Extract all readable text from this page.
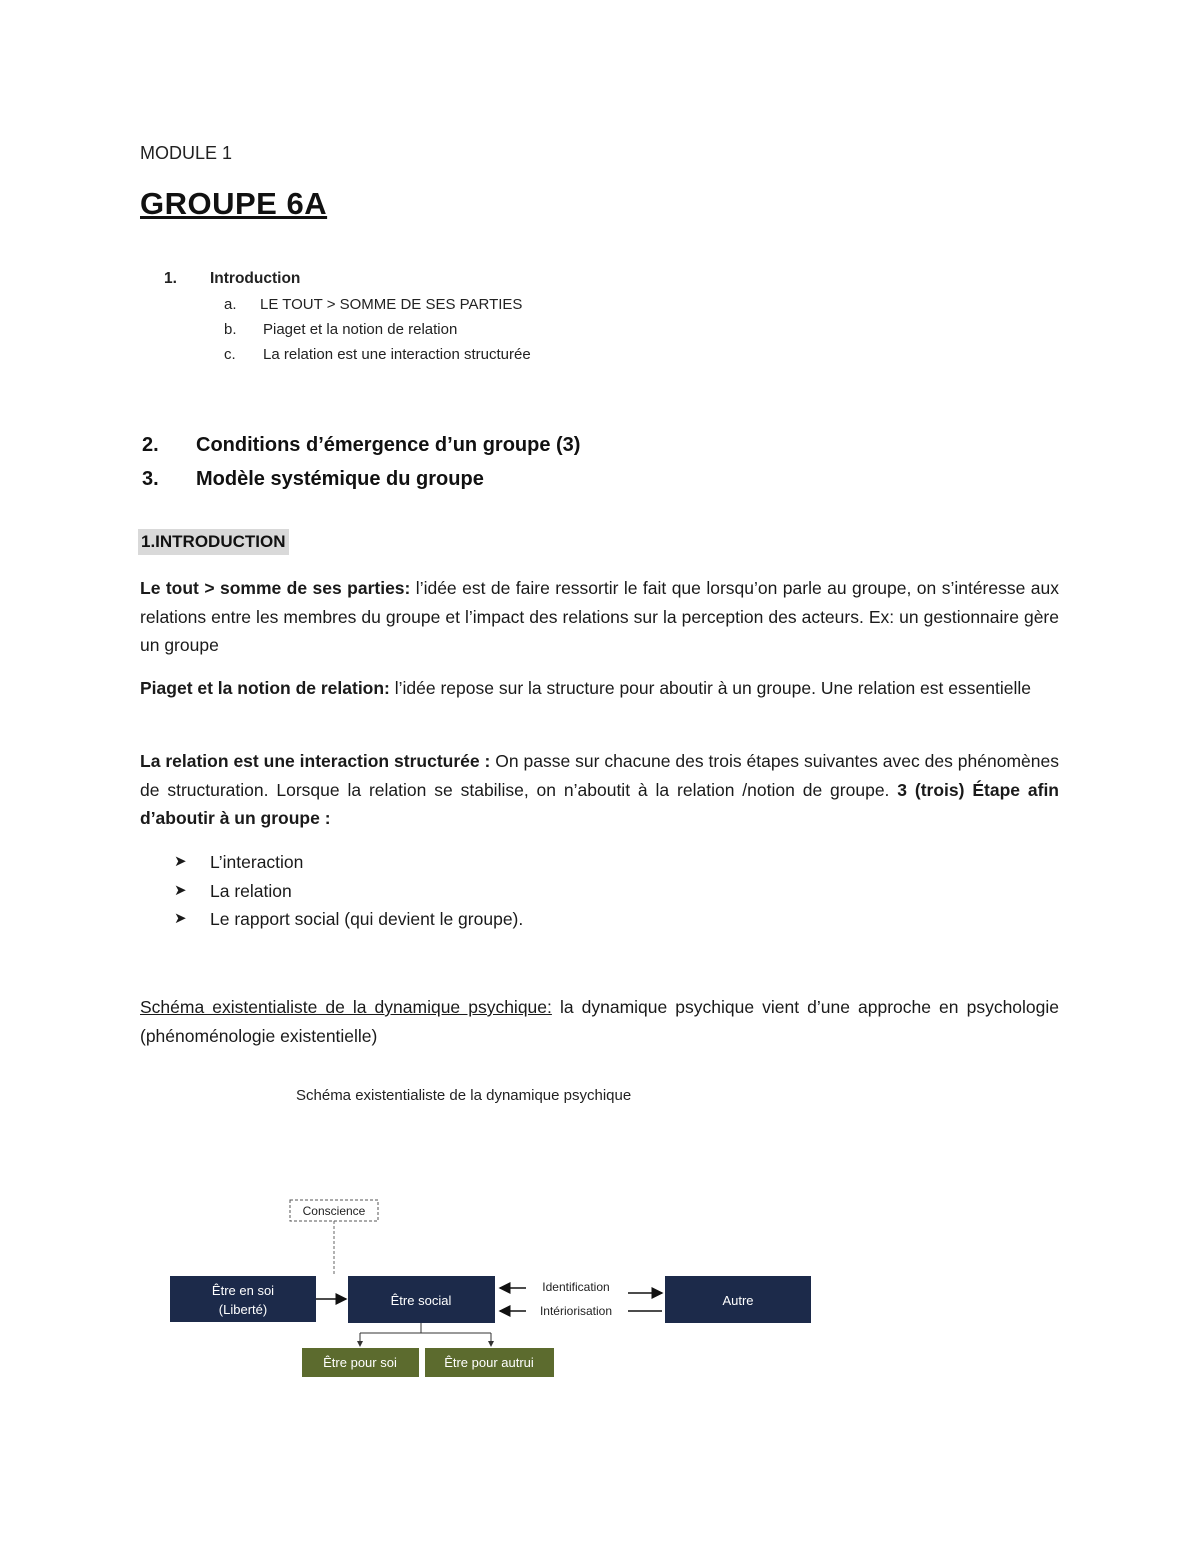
MODULE 1
GROUPE 6A
1. Introduction
a. LE TOUT > SOMME DE SES PARTIES
b. Piaget et la notion de relation
c. La relation est une interaction structurée
2. Conditions d’émergence d’un groupe (3)
3. Modèle systémique du groupe
1.INTRODUCTION
Le tout > somme de ses parties: l’idée est de faire ressortir le fait que lorsqu’on parle au groupe, on s’intéresse aux relations entre les membres du groupe et l’impact des relations sur la perception des acteurs. Ex: un gestionnaire gère un groupe
Piaget et la notion de relation: l’idée repose sur la structure pour aboutir à un groupe. Une relation est essentielle
La relation est une interaction structurée : On passe sur chacune des trois étapes suivantes avec des phénomènes de structuration. Lorsque la relation se stabilise, on n’aboutit à la relation /notion de groupe. 3 (trois) Étape afin d’aboutir à un groupe :
➤	L’interaction
➤	La relation
➤	Le rapport social (qui devient le groupe).
Schéma existentialiste de la dynamique psychique: la dynamique psychique vient d’une approche en psychologie (phénoménologie existentielle)
Schéma existentialiste de la dynamique psychique
Conscience
Être en soi
(Liberté)
Être social
Identification
Intériorisation
Autre
Être pour soi	Être pour autrui
